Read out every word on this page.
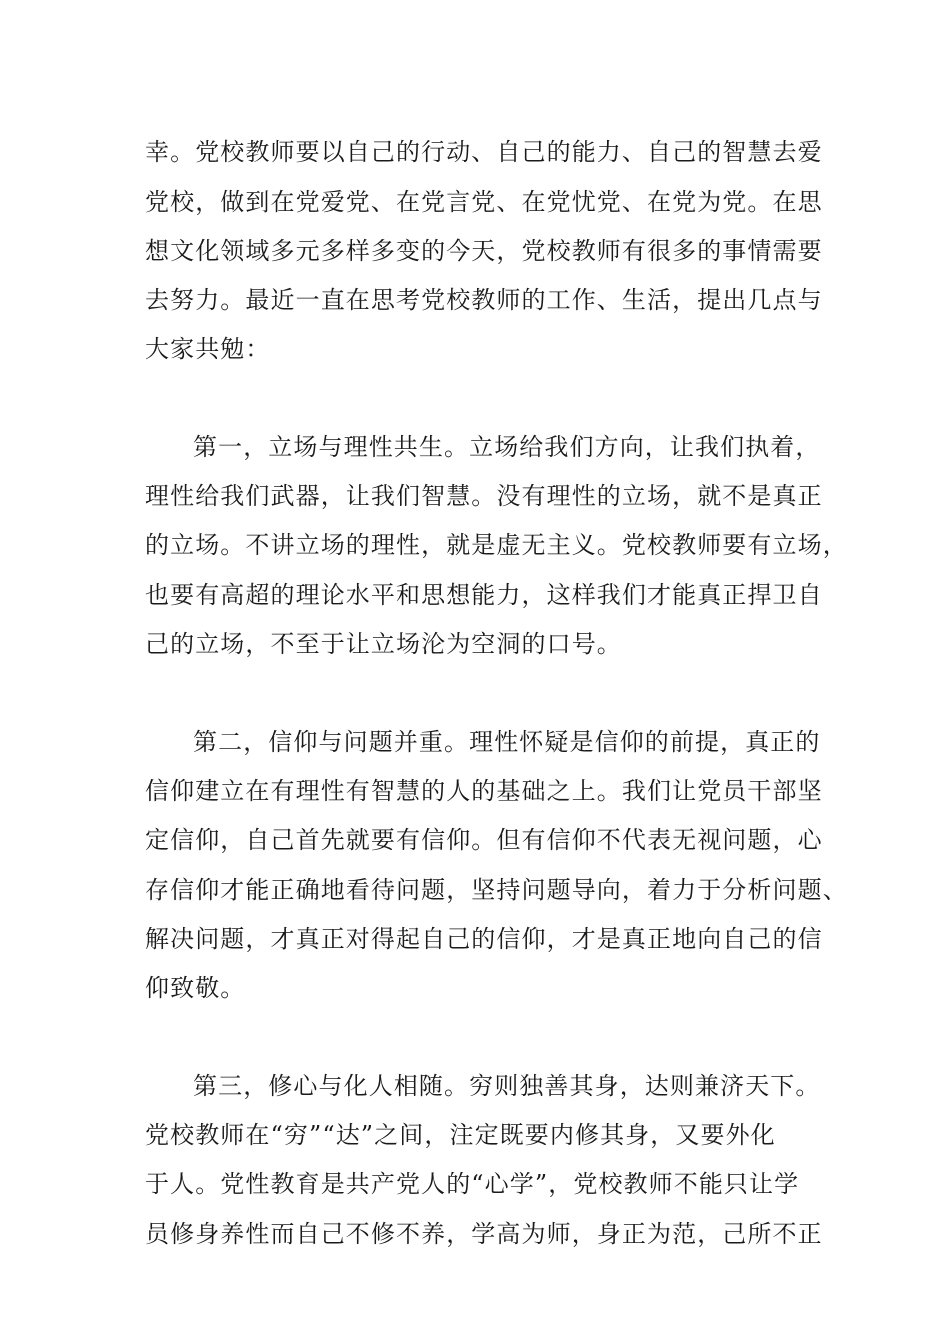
幸。党校教师要以自己的行动、自己的能力、自己的智慧去爱
党校，做到在党爱党、在党言党、在党忧党、在党为党。在思
想文化领域多元多样多变的今天，党校教师有很多的事情需要
去努力。最近一直在思考党校教师的工作、生活，提出几点与
大家共勉：
第一，立场与理性共生。立场给我们方向，让我们执着，
理性给我们武器，让我们智慧。没有理性的立场，就不是真正
的立场。不讲立场的理性，就是虚无主义。党校教师要有立场，
也要有高超的理论水平和思想能力，这样我们才能真正捍卫自
己的立场，不至于让立场沦为空洞的口号。
第二，信仰与问题并重。理性怀疑是信仰的前提，真正的
信仰建立在有理性有智慧的人的基础之上。我们让党员干部坚
定信仰，自己首先就要有信仰。但有信仰不代表无视问题，心
存信仰才能正确地看待问题，坚持问题导向，着力于分析问题、
解决问题，才真正对得起自己的信仰，才是真正地向自己的信
仰致敬。
第三，修心与化人相随。穷则独善其身，达则兼济天下。
党校教师在“穷”“达”之间，注定既要内修其身，又要外化
于人。党性教育是共产党人的“心学”，党校教师不能只让学
员修身养性而自己不修不养，学高为师，身正为范，己所不正
